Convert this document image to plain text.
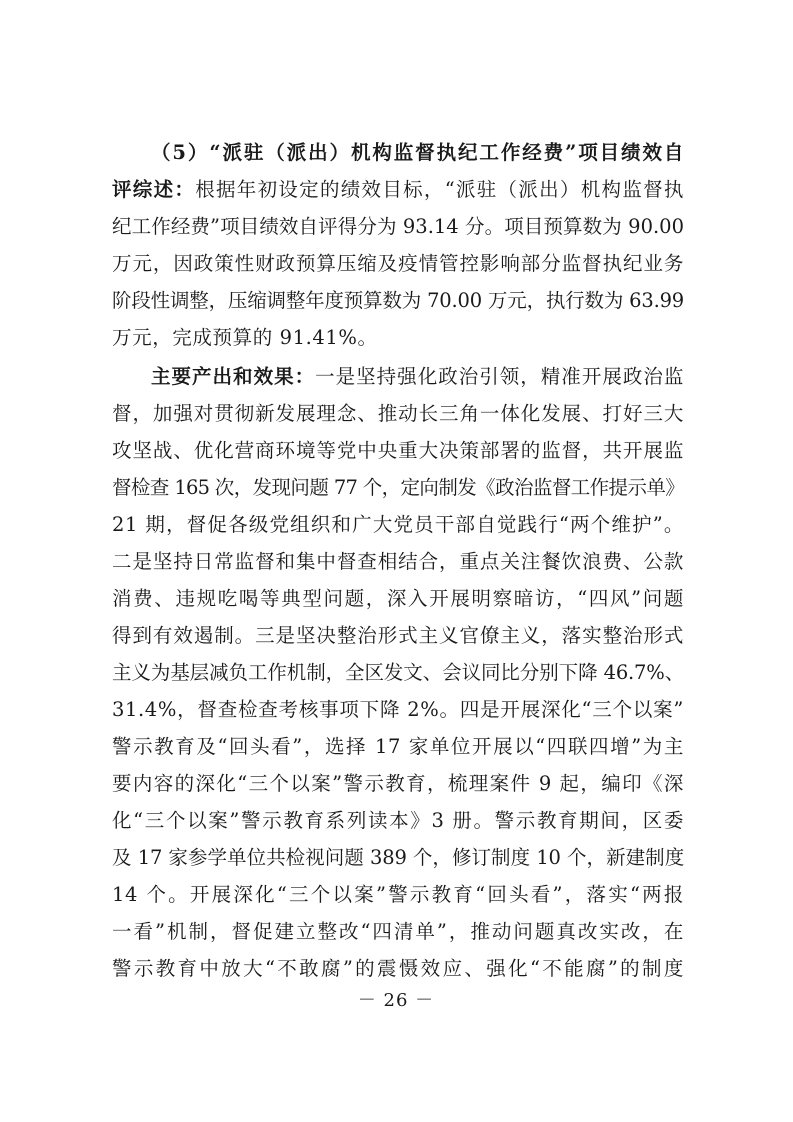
（5）“派驻（派出）机构监督执纪工作经费”项目绩效自
评综述：根据年初设定的绩效目标，“派驻（派出）机构监督执
纪工作经费”项目绩效自评得分为 93.14 分。项目预算数为 90.00
万元，因政策性财政预算压缩及疫情管控影响部分监督执纪业务
阶段性调整，压缩调整年度预算数为 70.00 万元，执行数为 63.99
万元，完成预算的 91.41%。
主要产出和效果：一是坚持强化政治引领，精准开展政治监
督，加强对贯彻新发展理念、推动长三角一体化发展、打好三大
攻坚战、优化营商环境等党中央重大决策部署的监督，共开展监
督检查 165 次，发现问题 77 个，定向制发《政治监督工作提示单》
21 期，督促各级党组织和广大党员干部自觉践行“两个维护”。
二是坚持日常监督和集中督查相结合，重点关注餐饮浪费、公款
消费、违规吃喝等典型问题，深入开展明察暗访，“四风”问题
得到有效遏制。三是坚决整治形式主义官僚主义，落实整治形式
主义为基层减负工作机制，全区发文、会议同比分别下降 46.7%、
31.4%，督查检查考核事项下降 2%。四是开展深化“三个以案”
警示教育及“回头看”，选择 17 家单位开展以“四联四增”为主
要内容的深化“三个以案”警示教育，梳理案件 9 起，编印《深
化“三个以案”警示教育系列读本》3 册。警示教育期间，区委
及 17 家参学单位共检视问题 389 个，修订制度 10 个，新建制度
14 个。开展深化“三个以案”警示教育“回头看”，落实“两报
一看”机制，督促建立整改“四清单”，推动问题真改实改，在
警示教育中放大“不敢腐”的震慑效应、强化“不能腐”的制度
－ 26 －
